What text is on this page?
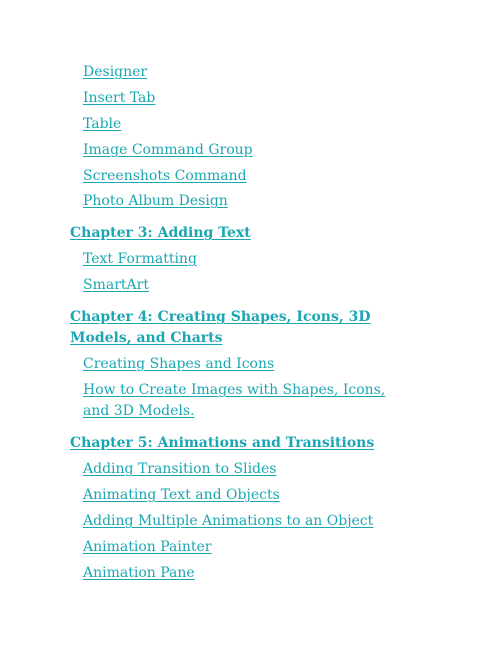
Designer
Insert Tab
Table
Image Command Group
Screenshots Command
Photo Album Design
Chapter 3: Adding Text
Text Formatting
SmartArt
Chapter 4: Creating Shapes, Icons, 3D Models, and Charts
Creating Shapes and Icons
How to Create Images with Shapes, Icons, and 3D Models.
Chapter 5: Animations and Transitions
Adding Transition to Slides
Animating Text and Objects
Adding Multiple Animations to an Object
Animation Painter
Animation Pane
